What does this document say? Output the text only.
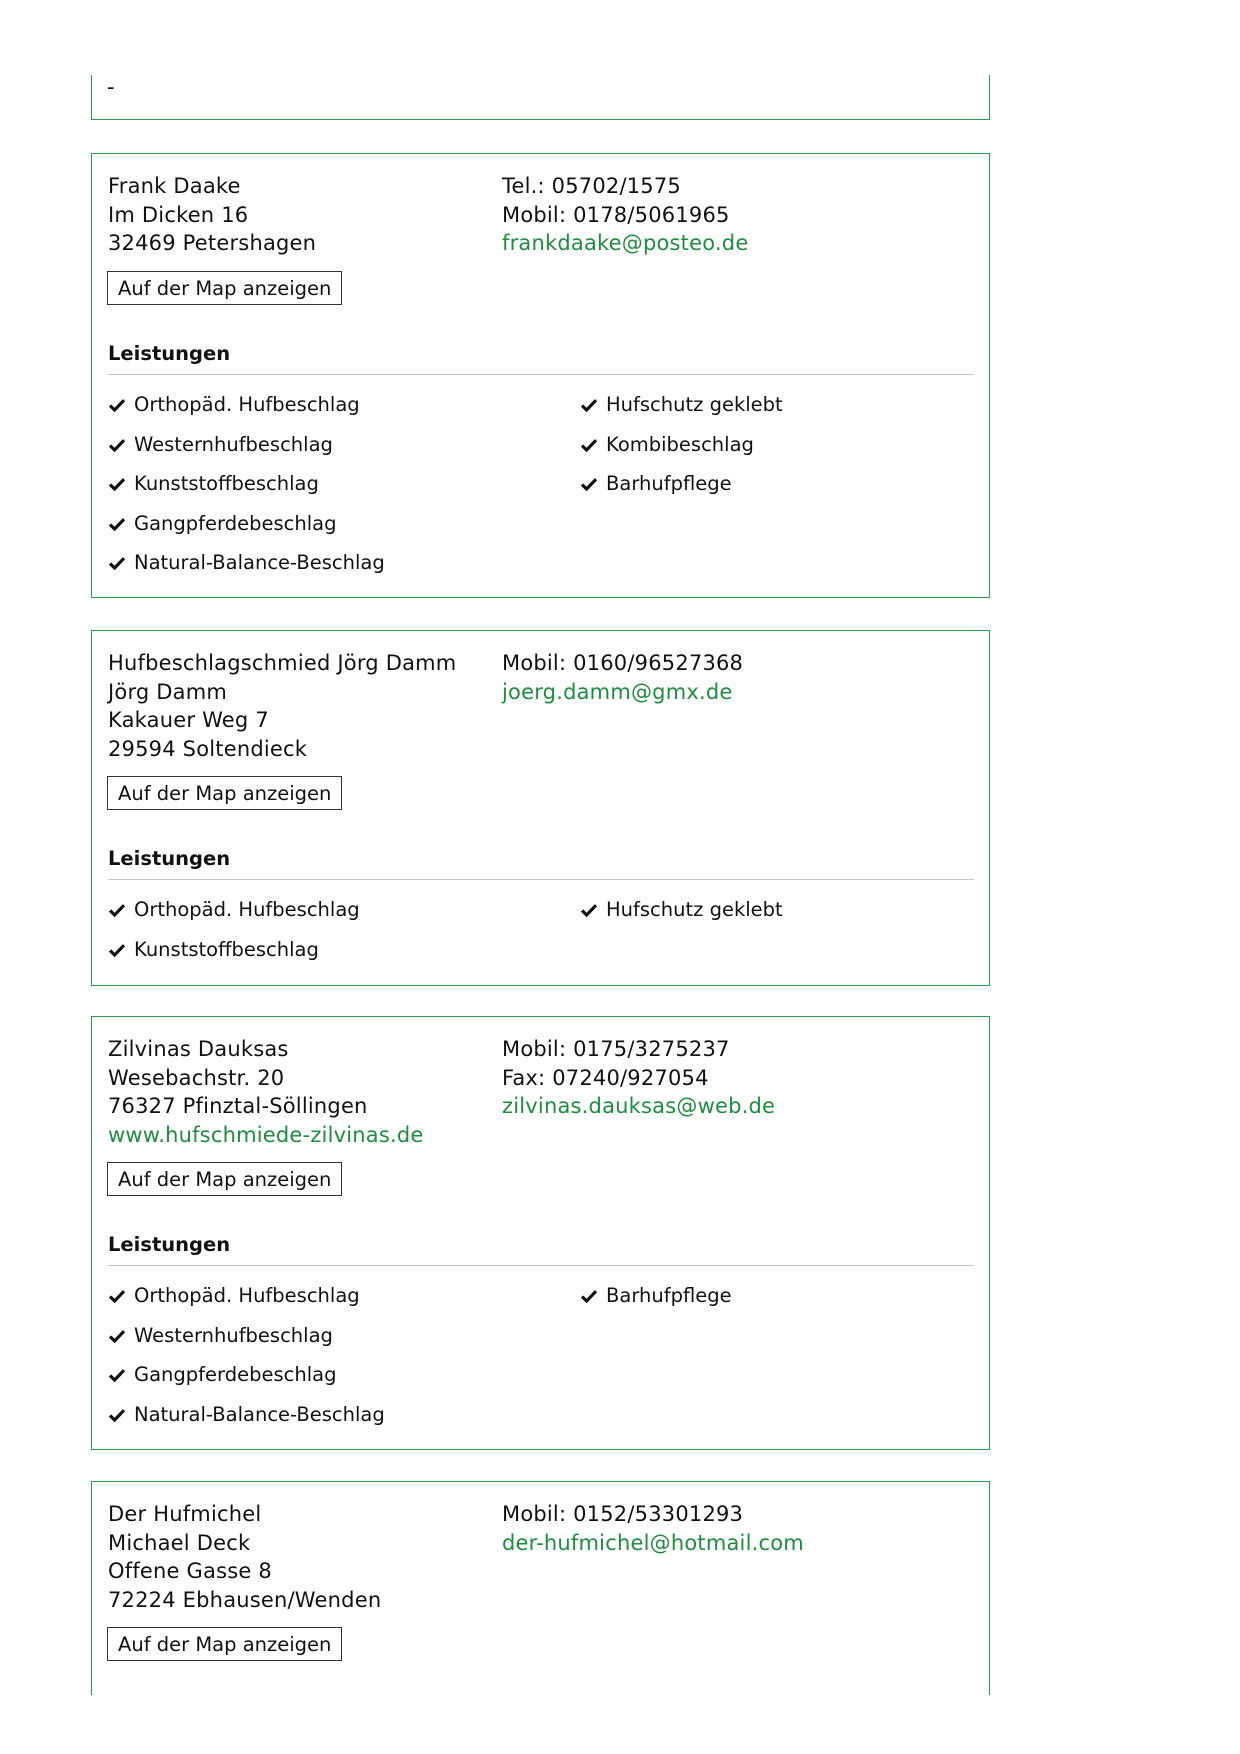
-
Frank Daake
Im Dicken 16
32469 Petershagen
Tel.: 05702/1575
Mobil: 0178/5061965
frankdaake@posteo.de
Auf der Map anzeigen
Leistungen
Orthopäd. Hufbeschlag
Westernhufbeschlag
Kunststoffbeschlag
Gangpferdebeschlag
Natural-Balance-Beschlag
Hufschutz geklebt
Kombibeschlag
Barhufpflege
Hufbeschlagschmied Jörg Damm
Jörg Damm
Kakauer Weg 7
29594 Soltendieck
Mobil: 0160/96527368
joerg.damm@gmx.de
Auf der Map anzeigen
Leistungen
Orthopäd. Hufbeschlag
Kunststoffbeschlag
Hufschutz geklebt
Zilvinas Dauksas
Wesebachstr. 20
76327 Pfinztal-Söllingen
www.hufschmiede-zilvinas.de
Mobil: 0175/3275237
Fax: 07240/927054
zilvinas.dauksas@web.de
Auf der Map anzeigen
Leistungen
Orthopäd. Hufbeschlag
Westernhufbeschlag
Gangpferdebeschlag
Natural-Balance-Beschlag
Barhufpflege
Der Hufmichel
Michael Deck
Offene Gasse 8
72224 Ebhausen/Wenden
Mobil: 0152/53301293
der-hufmichel@hotmail.com
Auf der Map anzeigen
